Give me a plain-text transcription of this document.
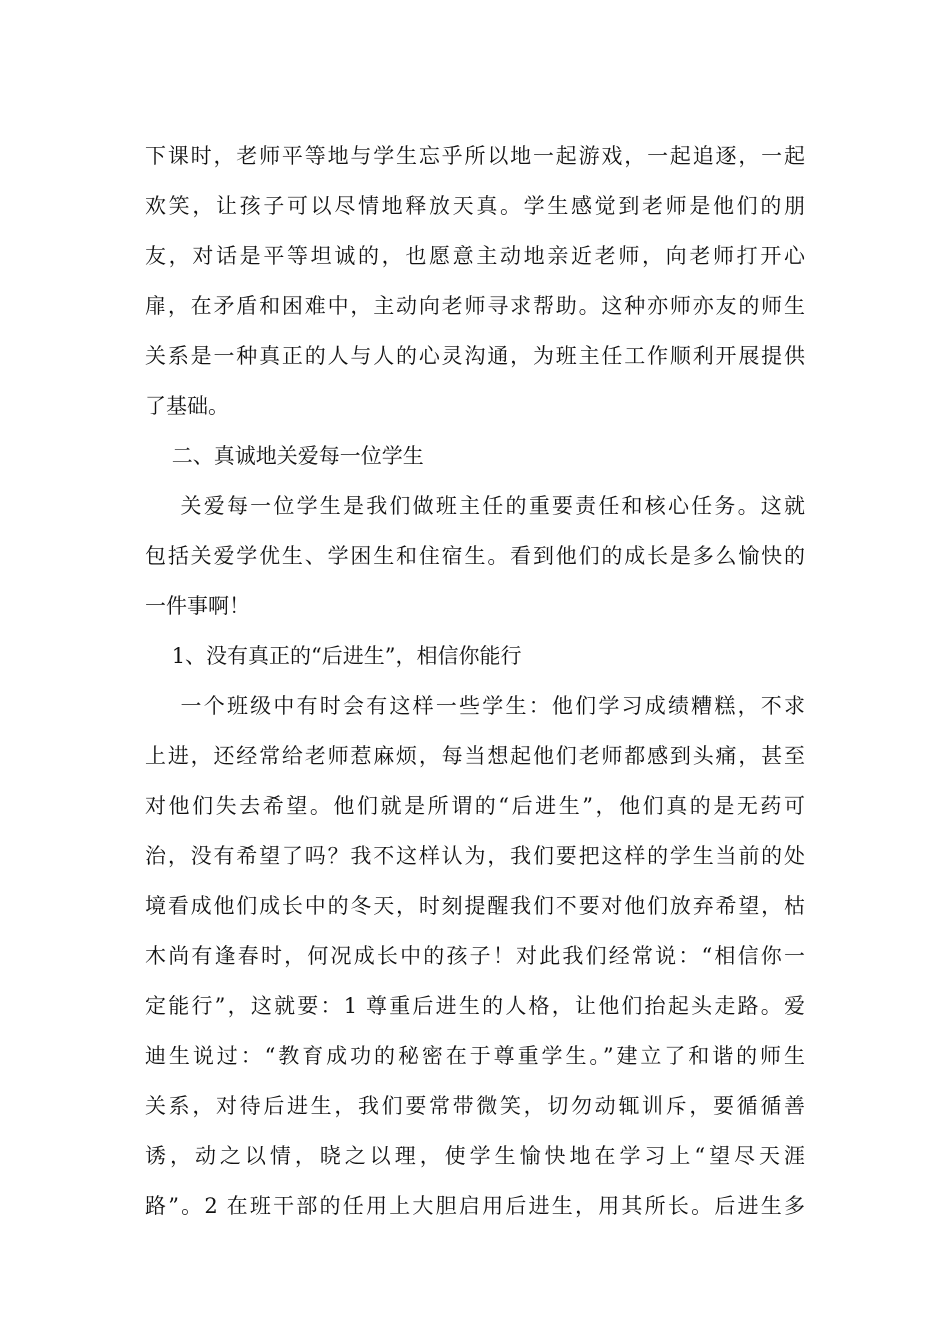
下课时，老师平等地与学生忘乎所以地一起游戏，一起追逐，一起
欢笑，让孩子可以尽情地释放天真。学生感觉到老师是他们的朋
友，对话是平等坦诚的，也愿意主动地亲近老师，向老师打开心
扉，在矛盾和困难中，主动向老师寻求帮助。这种亦师亦友的师生
关系是一种真正的人与人的心灵沟通，为班主任工作顺利开展提供
了基础。
二、真诚地关爱每一位学生
关爱每一位学生是我们做班主任的重要责任和核心任务。这就
包括关爱学优生、学困生和住宿生。看到他们的成长是多么愉快的
一件事啊！
1、没有真正的“后进生”，相信你能行
一个班级中有时会有这样一些学生：他们学习成绩糟糕，不求
上进，还经常给老师惹麻烦，每当想起他们老师都感到头痛，甚至
对他们失去希望。他们就是所谓的“后进生”，他们真的是无药可
治，没有希望了吗？我不这样认为，我们要把这样的学生当前的处
境看成他们成长中的冬天，时刻提醒我们不要对他们放弃希望，枯
木尚有逢春时，何况成长中的孩子！对此我们经常说：“相信你一
定能行”，这就要：1 尊重后进生的人格，让他们抬起头走路。爱
迪生说过：“教育成功的秘密在于尊重学生。”建立了和谐的师生
关系，对待后进生，我们要常带微笑，切勿动辄训斥，要循循善
诱，动之以情，晓之以理，使学生愉快地在学习上“望尽天涯
路”。2 在班干部的任用上大胆启用后进生，用其所长。后进生多
